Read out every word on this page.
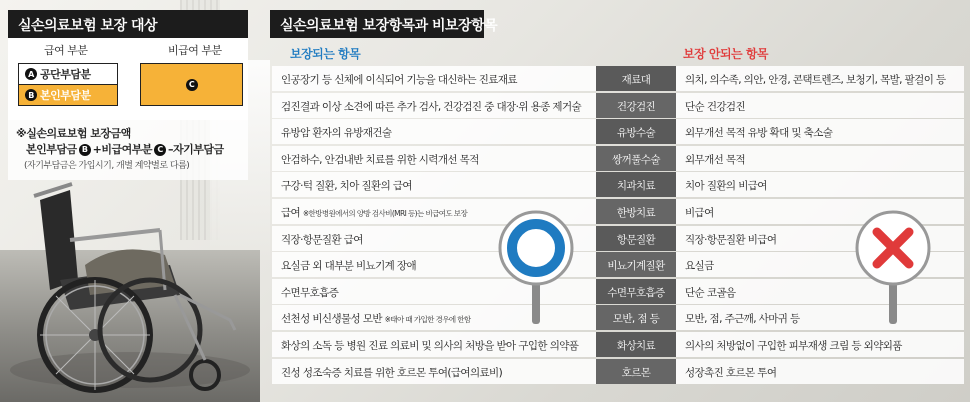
실손의료보험 보장 대상
급여 부분	비급여 부분
A 공단부담분
B 본인부담분
C
※실손의료보험 보장금액
본인부담금 B +비급여부분 C –자기부담금
(자기부담금은 가입시기, 개별 계약별로 다름)
실손의료보험 보장항목과 비보장항목
보장되는 항목	보장 안되는 항목
인공장기 등 신체에 이식되어 기능을 대신하는 진료재료	재료대	의치, 의수족, 의안, 안경, 콘택트렌즈, 보청기, 목발, 팔걸이 등
검진결과 이상 소견에 따른 추가 검사, 건강검진 중 대장·위 용종 제거술	건강검진	단순 건강검진
유방암 환자의 유방재건술	유방수술	외무개선 목적 유방 확대 및 축소술
안검하수, 안검내반 치료를 위한 시력개선 목적	쌍꺼풀수술	외무개선 목적
구강·턱 질환, 치아 질환의 급여	치과치료	치아 질환의 비급여
급여 ※한방병원에서의 양방 검사비(MRI 등)는 비급여도 보장	한방치료	비급여
직장·항문질환 급여	항문질환	직장·항문질환 비급여
요실금 외 대부분 비뇨기계 장애	비뇨기계질환	요실금
수면무호흡증	수면무호흡증	단순 코골음
선천성 비신생물성 모반 ※태아 때 가입한 경우에 한함	모반, 점 등	모반, 점, 주근깨, 사마귀 등
화상의 소독 등 병원 진료 의료비 및 의사의 처방을 받아 구입한 의약품	화상치료	의사의 처방없이 구입한 피부재생 크림 등 외약외품
진성 성조숙증 치료를 위한 호르몬 투여(급여의료비)	호르몬	성장촉진 호르몬 투여
